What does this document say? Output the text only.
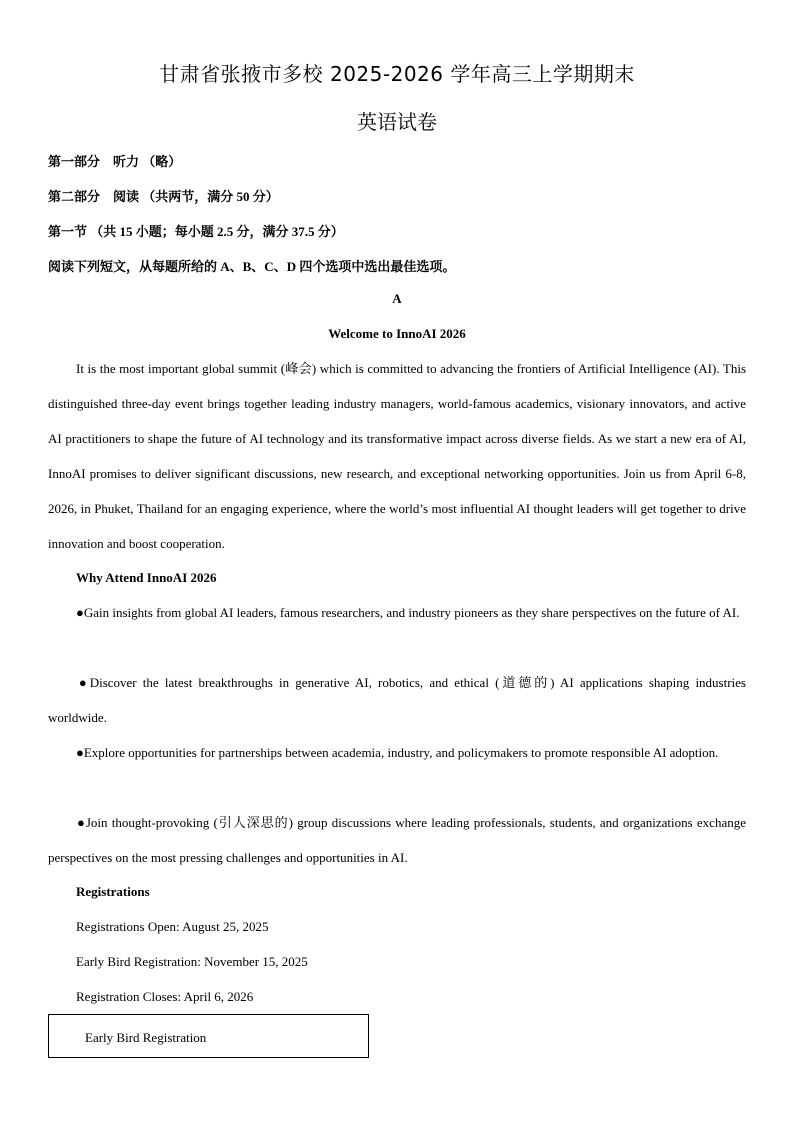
甘肃省张掖市多校 2025-2026 学年高三上学期期末
英语试卷
第一部分　听力 （略）
第二部分　阅读 （共两节，满分 50 分）
第一节 （共 15 小题；每小题 2.5 分，满分 37.5 分）
阅读下列短文，从每题所给的 A、B、C、D 四个选项中选出最佳选项。
A
Welcome to InnoAI 2026
It is the most important global summit (峰会) which is committed to advancing the frontiers of Artificial Intelligence (AI). This distinguished three-day event brings together leading industry managers, world-famous academics, visionary innovators, and active AI practitioners to shape the future of AI technology and its transformative impact across diverse fields. As we start a new era of AI, InnoAI promises to deliver significant discussions, new research, and exceptional networking opportunities. Join us from April 6-8, 2026, in Phuket, Thailand for an engaging experience, where the world’s most influential AI thought leaders will get together to drive innovation and boost cooperation.
Why Attend InnoAI 2026
●Gain insights from global AI leaders, famous researchers, and industry pioneers as they share perspectives on the future of AI.
●Discover the latest breakthroughs in generative AI, robotics, and ethical (道德的) AI applications shaping industries worldwide.
●Explore opportunities for partnerships between academia, industry, and policymakers to promote responsible AI adoption.
●Join thought-provoking (引人深思的) group discussions where leading professionals, students, and organizations exchange perspectives on the most pressing challenges and opportunities in AI.
Registrations
Registrations Open: August 25, 2025
Early Bird Registration: November 15, 2025
Registration Closes: April 6, 2026
Early Bird Registration
